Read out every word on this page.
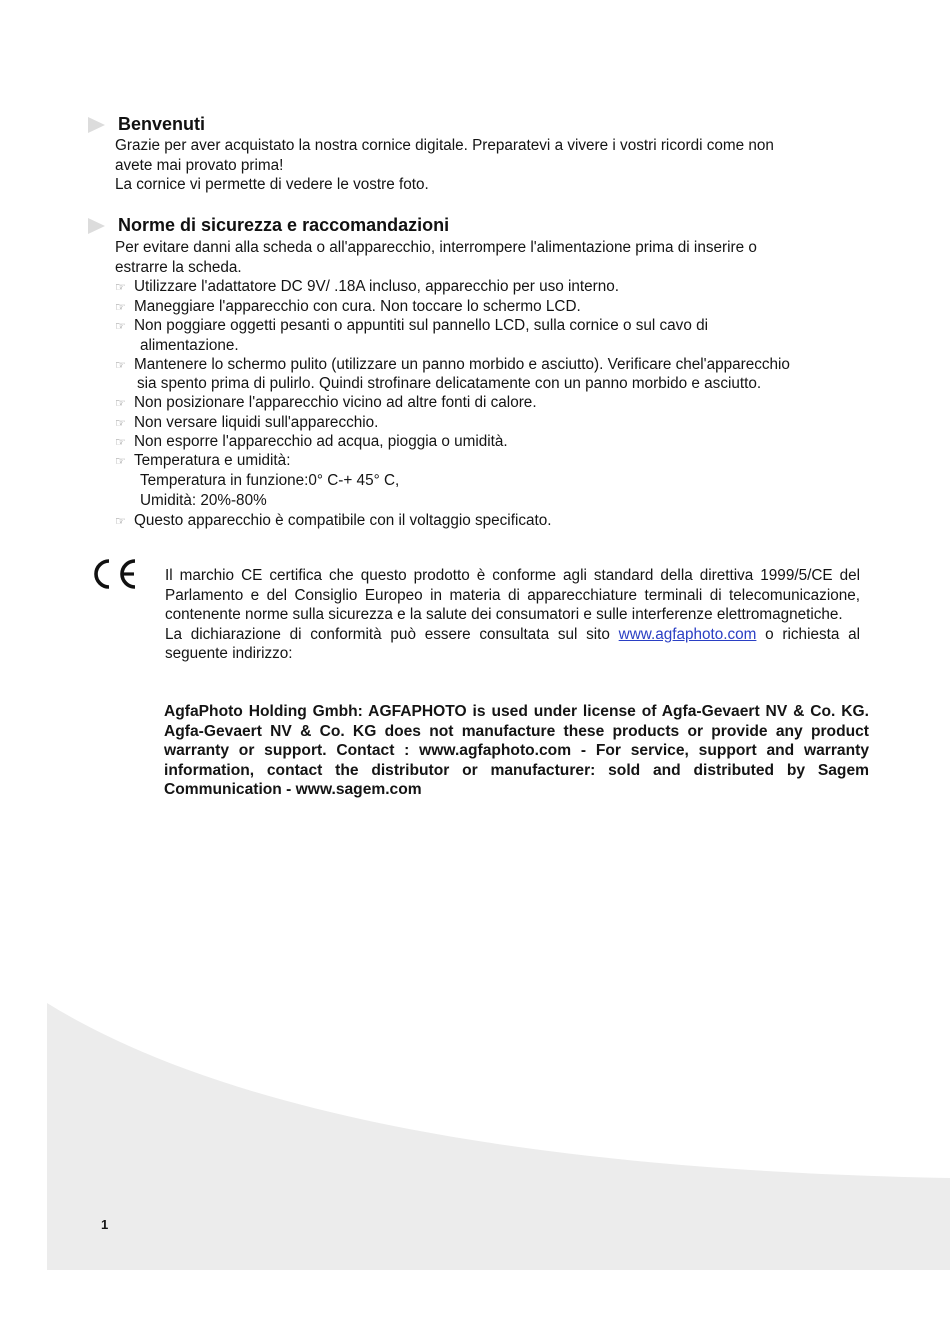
Benvenuti

Grazie per aver acquistato la nostra cornice digitale. Preparatevi a vivere i vostri ricordi come non

avete mai provato prima!

La cornice vi permette di vedere le vostre foto.

Norme di sicurezza e raccomandazioni

Per evitare danni alla scheda o all'apparecchio, interrompere l'alimentazione prima di inserire o

estrarre la scheda.

☞ Utilizzare l'adattatore DC 9V/ .18A incluso, apparecchio per uso interno.
☞ Maneggiare l'apparecchio con cura. Non toccare lo schermo LCD.
☞ Non poggiare oggetti pesanti o appuntiti sul pannello LCD, sulla cornice o sul cavo di
alimentazione.
☞ Mantenere lo schermo pulito (utilizzare un panno morbido e asciutto). Verificare chel'apparecchio
sia spento prima di pulirlo. Quindi strofinare delicatamente con un panno morbido e asciutto.
☞ Non posizionare l'apparecchio vicino ad altre fonti di calore.
☞ Non versare liquidi sull'apparecchio.
☞ Non esporre l'apparecchio ad acqua, pioggia o umidità.
☞ Temperatura e umidità:
Temperatura in funzione:0° C-+ 45° C,
Umidità: 20%-80%
☞ Questo apparecchio è compatibile con il voltaggio specificato.
Il marchio CE certifica che questo prodotto è conforme agli standard della direttiva 1999/5/CE del Parlamento e del Consiglio Europeo in materia di apparecchiature terminali di telecomunicazione, contenente norme sulla sicurezza e la salute dei consumatori e sulle interferenze elettromagnetiche.
La dichiarazione di conformità può essere consultata sul sito www.agfaphoto.com o richiesta al seguente indirizzo:

AgfaPhoto Holding Gmbh: AGFAPHOTO is used under license of Agfa-Gevaert NV & Co. KG. Agfa-Gevaert NV & Co. KG does not manufacture these products or provide any product warranty or support. Contact : www.agfaphoto.com - For service, support and warranty information, contact the distributor or manufacturer: sold and distributed by Sagem Communication - www.sagem.com

1
